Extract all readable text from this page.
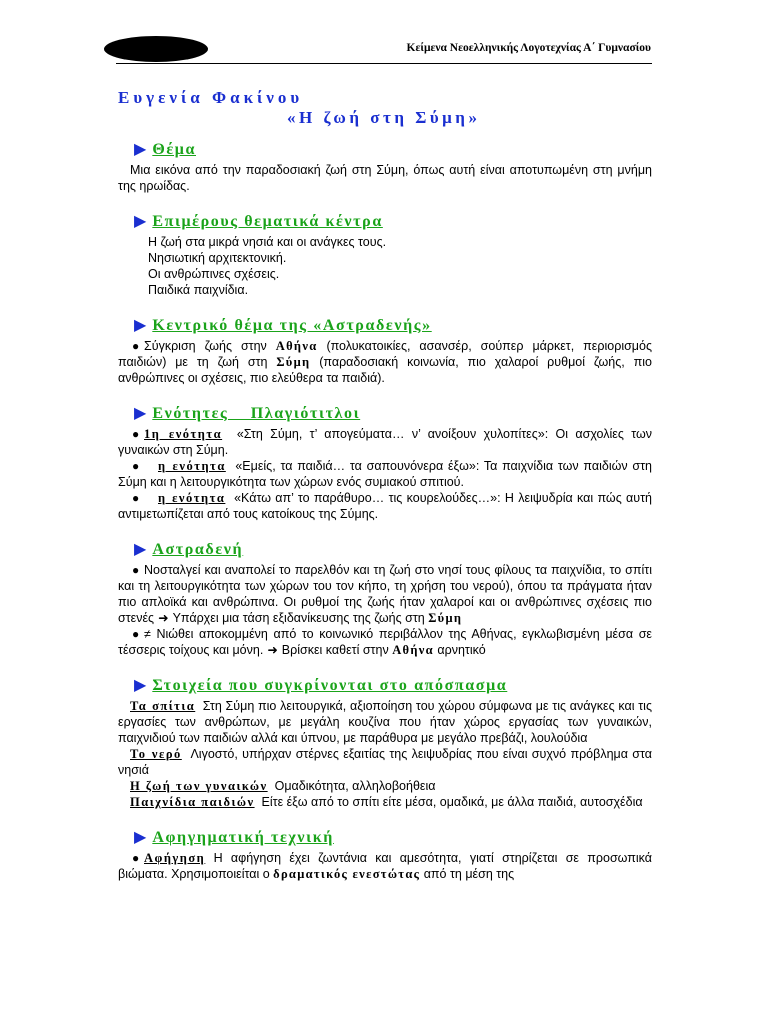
Κείμενα Νεοελληνικής Λογοτεχνίας Α΄ Γυμνασίου
Ευγενία Φακίνου
«Η ζωή στη Σύμη»
▶ Θέμα
Μια εικόνα από την παραδοσιακή ζωή στη Σύμη, όπως αυτή είναι αποτυπωμένη στη μνήμη της ηρωίδας.
▶ Επιμέρους θεματικά κέντρα
Η ζωή στα μικρά νησιά και οι ανάγκες τους.
Νησιωτική αρχιτεκτονική.
Οι ανθρώπινες σχέσεις.
Παιδικά παιχνίδια.
▶ Κεντρικό θέμα της «Αστραδενής»
● Σύγκριση ζωής στην Αθήνα (πολυκατοικίες, ασανσέρ, σούπερ μάρκετ, περιορισμός παιδιών) με τη ζωή στη Σύμη (παραδοσιακή κοινωνία, πιο χαλαροί ρυθμοί ζωής, πιο ανθρώπινες οι σχέσεις, πιο ελεύθερα τα παιδιά).
▶ Ενότητες    Πλαγιότιτλοι
● 1η ενότητα «Στη Σύμη, τ’ απογεύματα… ν’ ανοίξουν χυλοπίτες»: Οι ασχολίες των γυναικών στη Σύμη.
● η ενότητα «Εμείς, τα παιδιά… τα σαπουνόνερα έξω»: Τα παιχνίδια των παιδιών στη Σύμη και η λειτουργικότητα των χώρων ενός συμιακού σπιτιού.
● η ενότητα «Κάτω απ’ το παράθυρο… τις κουρελούδες…»: Η λειψυδρία και πώς αυτή αντιμετωπίζεται από τους κατοίκους της Σύμης.
▶ Αστραδενή
● Νοσταλγεί και αναπολεί το παρελθόν και τη ζωή στο νησί τους φίλους τα παιχνίδια, το σπίτι και τη λειτουργικότητα των χώρων του τον κήπο, τη χρήση του νερού), όπου τα πράγματα ήταν πιο απλοϊκά και ανθρώπινα. Οι ρυθμοί της ζωής ήταν χαλαροί και οι ανθρώπινες σχέσεις πιο στενές ➜ Υπάρχει μια τάση εξιδανίκευσης της ζωής στη Σύμη
● ≠ Νιώθει αποκομμένη από το κοινωνικό περιβάλλον της Αθήνας, εγκλωβισμένη μέσα σε τέσσερις τοίχους και μόνη. ➜ Βρίσκει καθετί στην Αθήνα αρνητικό
▶ Στοιχεία που συγκρίνονται στο απόσπασμα
Τα σπίτια Στη Σύμη πιο λειτουργικά, αξιοποίηση του χώρου σύμφωνα με τις ανάγκες και τις εργασίες των ανθρώπων, με μεγάλη κουζίνα που ήταν χώρος εργασίας των γυναικών, παιχνιδιού των παιδιών αλλά και ύπνου, με παράθυρα με μεγάλο πρεβάζι, λουλούδια
Το νερό Λιγοστό, υπήρχαν στέρνες εξαιτίας της λειψυδρίας που είναι συχνό πρόβλημα στα νησιά
Η ζωή των γυναικών Ομαδικότητα, αλληλοβοήθεια
Παιχνίδια παιδιών Είτε έξω από το σπίτι είτε μέσα, ομαδικά, με άλλα παιδιά, αυτοσχέδια
▶ Αφηγηματική τεχνική
● Αφήγηση Η αφήγηση έχει ζωντάνια και αμεσότητα, γιατί στηρίζεται σε προσωπικά βιώματα. Χρησιμοποιείται ο δραματικός ενεστώτας από τη μέση της
